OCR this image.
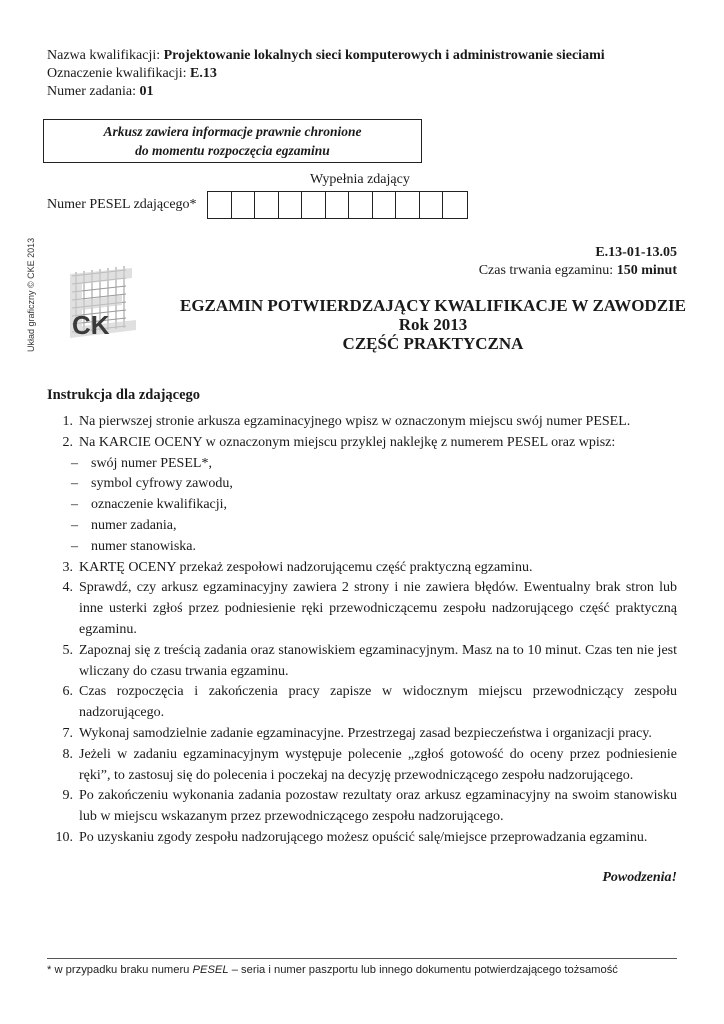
Nazwa kwalifikacji: Projektowanie lokalnych sieci komputerowych i administrowanie sieciami
Oznaczenie kwalifikacji: E.13
Numer zadania: 01
Arkusz zawiera informacje prawnie chronione
do momentu rozpoczęcia egzaminu
Wypełnia zdający
Numer PESEL zdającego*
Układ graficzny © CKE 2013 CK
E.13-01-13.05
Czas trwania egzaminu: 150 minut
EGZAMIN POTWIERDZAJĄCY KWALIFIKACJE W ZAWODZIE
Rok 2013
CZĘŚĆ PRAKTYCZNA
Instrukcja dla zdającego
1. Na pierwszej stronie arkusza egzaminacyjnego wpisz w oznaczonym miejscu swój numer PESEL.
2. Na KARCIE OCENY w oznaczonym miejscu przyklej naklejkę z numerem PESEL oraz wpisz:
– swój numer PESEL*,
– symbol cyfrowy zawodu,
– oznaczenie kwalifikacji,
– numer zadania,
– numer stanowiska.
3. KARTĘ OCENY przekaż zespołowi nadzorującemu część praktyczną egzaminu.
4. Sprawdź, czy arkusz egzaminacyjny zawiera 2 strony i nie zawiera błędów. Ewentualny brak stron lub inne usterki zgłoś przez podniesienie ręki przewodniczącemu zespołu nadzorującego część praktyczną egzaminu.
5. Zapoznaj się z treścią zadania oraz stanowiskiem egzaminacyjnym. Masz na to 10 minut. Czas ten nie jest wliczany do czasu trwania egzaminu.
6. Czas rozpoczęcia i zakończenia pracy zapisze w widocznym miejscu przewodniczący zespołu nadzorującego.
7. Wykonaj samodzielnie zadanie egzaminacyjne. Przestrzegaj zasad bezpieczeństwa i organizacji pracy.
8. Jeżeli w zadaniu egzaminacyjnym występuje polecenie „zgłoś gotowość do oceny przez podniesienie ręki”, to zastosuj się do polecenia i poczekaj na decyzję przewodniczącego zespołu nadzorującego.
9. Po zakończeniu wykonania zadania pozostaw rezultaty oraz arkusz egzaminacyjny na swoim stanowisku lub w miejscu wskazanym przez przewodniczącego zespołu nadzorującego.
10. Po uzyskaniu zgody zespołu nadzorującego możesz opuścić salę/miejsce przeprowadzania egzaminu.
Powodzenia!
* w przypadku braku numeru PESEL – seria i numer paszportu lub innego dokumentu potwierdzającego tożsamość
